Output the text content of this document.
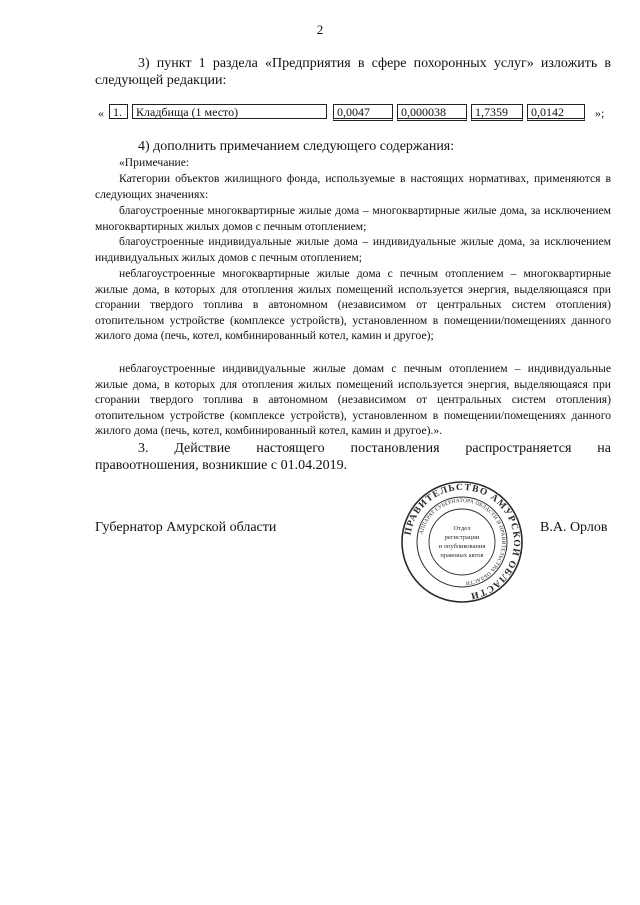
2
3) пункт 1 раздела «Предприятия в сфере похоронных услуг» изложить в
следующей редакции:
« 1.	Кладбища (1 место)	0,0047	0,000038	1,7359	0,0142	»;
4) дополнить примечанием следующего содержания:
«Примечание:
Категории объектов жилищного фонда, используемые в настоящих нормативах, применяются в следующих значениях:
благоустроенные многоквартирные жилые дома – многоквартирные жилые дома, за исключением многоквартирных жилых домов с печным отоплением;
благоустроенные индивидуальные жилые дома – индивидуальные жилые дома, за исключением индивидуальных жилых домов с печным отоплением;
неблагоустроенные многоквартирные жилые дома с печным отоплением – многоквартирные жилые дома, в которых для отопления жилых помещений используется энергия, выделяющаяся при сгорании твердого топлива в автономном (независимом от центральных систем отопления) отопительном устройстве (комплексе устройств), установленном в помещении/помещениях данного жилого дома (печь, котел, комбинированный котел, камин и другое);
неблагоустроенные индивидуальные жилые домам с печным отоплением – индивидуальные жилые дома, в которых для отопления жилых помещений используется энергия, выделяющаяся при сгорании твердого топлива в автономном (независимом от центральных систем отопления) отопительном устройстве (комплексе устройств), установленном в помещении/помещениях данного жилого дома (печь, котел, комбинированный котел, камин и другое).».
3. Действие настоящего постановления распространяется на
правоотношения, возникшие с 01.04.2019.
Губернатор Амурской области	В.А. Орлов
ПРАВИТЕЛЬСТВО АМУРСКОЙ ОБЛАСТИ
АППАРАТ ГУБЕРНАТОРА ОБЛАСТИ И ПРАВИТЕЛЬСТВА ОБЛАСТИ
Отдел
регистрации
и опубликования
правовых актов
